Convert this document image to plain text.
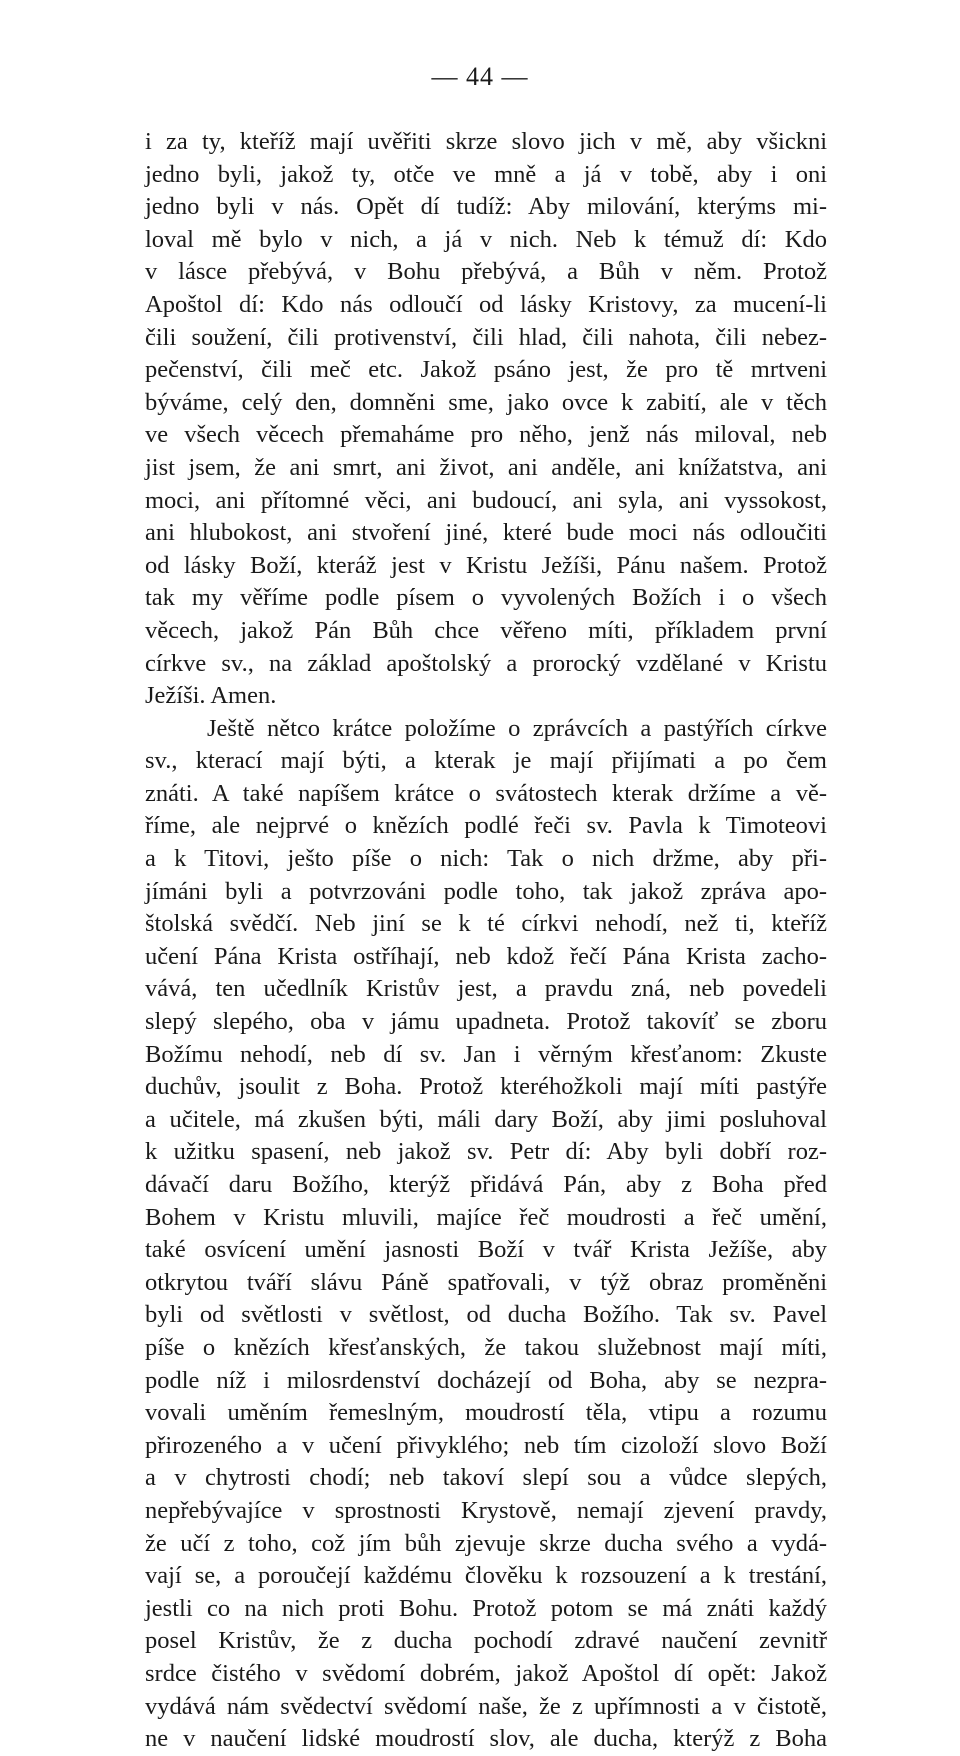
— 44 —
i za ty, kteříž mají uvěřiti skrze slovo jich v mě, aby všickni
jedno byli, jakož ty, otče ve mně a já v tobě, aby i oni
jedno byli v nás. Opět dí tudíž: Aby milování, kterýms mi-
loval mě bylo v nich, a já v nich. Neb k témuž dí: Kdo
v lásce přebývá, v Bohu přebývá, a Bůh v něm. Protož
Apoštol dí: Kdo nás odloučí od lásky Kristovy, za mucení-li
čili soužení, čili protivenství, čili hlad, čili nahota, čili nebez-
pečenství, čili meč etc. Jakož psáno jest, že pro tě mrtveni
býváme, celý den, domněni sme, jako ovce k zabití, ale v těch
ve všech věcech přemaháme pro něho, jenž nás miloval, neb
jist jsem, že ani smrt, ani život, ani anděle, ani knížatstva, ani
moci, ani přítomné věci, ani budoucí, ani syla, ani vyssokost,
ani hlubokost, ani stvoření jiné, které bude moci nás odloučiti
od lásky Boží, kteráž jest v Kristu Ježíši, Pánu našem. Protož
tak my věříme podle písem o vyvolených Božích i o všech
věcech, jakož Pán Bůh chce věřeno míti, příkladem první
církve sv., na základ apoštolský a prorocký vzdělané v Kristu
Ježíši. Amen.
Ještě nětco krátce položíme o zprávcích a pastýřích církve
sv., kterací mají býti, a kterak je mají přijímati a po čem
znáti. A také napíšem krátce o svátostech kterak držíme a vě-
říme, ale nejprvé o knězích podlé řeči sv. Pavla k Timoteovi
a k Titovi, ješto píše o nich: Tak o nich držme, aby při-
jímáni byli a potvrzováni podle toho, tak jakož zpráva apo-
štolská svědčí. Neb jiní se k té církvi nehodí, než ti, kteříž
učení Pána Krista ostříhají, neb kdož řečí Pána Krista zacho-
vává, ten učedlník Kristův jest, a pravdu zná, neb povedeli
slepý slepého, oba v jámu upadneta. Protož takovíť se zboru
Božímu nehodí, neb dí sv. Jan i věrným křesťanom: Zkuste
duchův, jsoulit z Boha. Protož kteréhožkoli mají míti pastýře
a učitele, má zkušen býti, máli dary Boží, aby jimi posluhoval
k užitku spasení, neb jakož sv. Petr dí: Aby byli dobří roz-
dávačí daru Božího, kterýž přidává Pán, aby z Boha před
Bohem v Kristu mluvili, majíce řeč moudrosti a řeč umění,
také osvícení umění jasnosti Boží v tvář Krista Ježíše, aby
otkrytou tváří slávu Páně spatřovali, v týž obraz proměněni
byli od světlosti v světlost, od ducha Božího. Tak sv. Pavel
píše o knězích křesťanských, že takou služebnost mají míti,
podle níž i milosrdenství docházejí od Boha, aby se nezpra-
vovali uměním řemeslným, moudrostí těla, vtipu a rozumu
přirozeného a v učení přivyklého; neb tím cizoloží slovo Boží
a v chytrosti chodí; neb takoví slepí sou a vůdce slepých,
nepřebývajíce v sprostnosti Krystově, nemají zjevení pravdy,
že učí z toho, což jím bůh zjevuje skrze ducha svého a vydá-
vají se, a poroučejí každému člověku k rozsouzení a k trestání,
jestli co na nich proti Bohu. Protož potom se má znáti každý
posel Kristův, že z ducha pochodí zdravé naučení zevnitř
srdce čistého v svědomí dobrém, jakož Apoštol dí opět: Jakož
vydává nám svědectví svědomí naše, že z upřímnosti a v čistotě,
ne v naučení lidské moudrostí slov, ale ducha, kterýž z Boha
